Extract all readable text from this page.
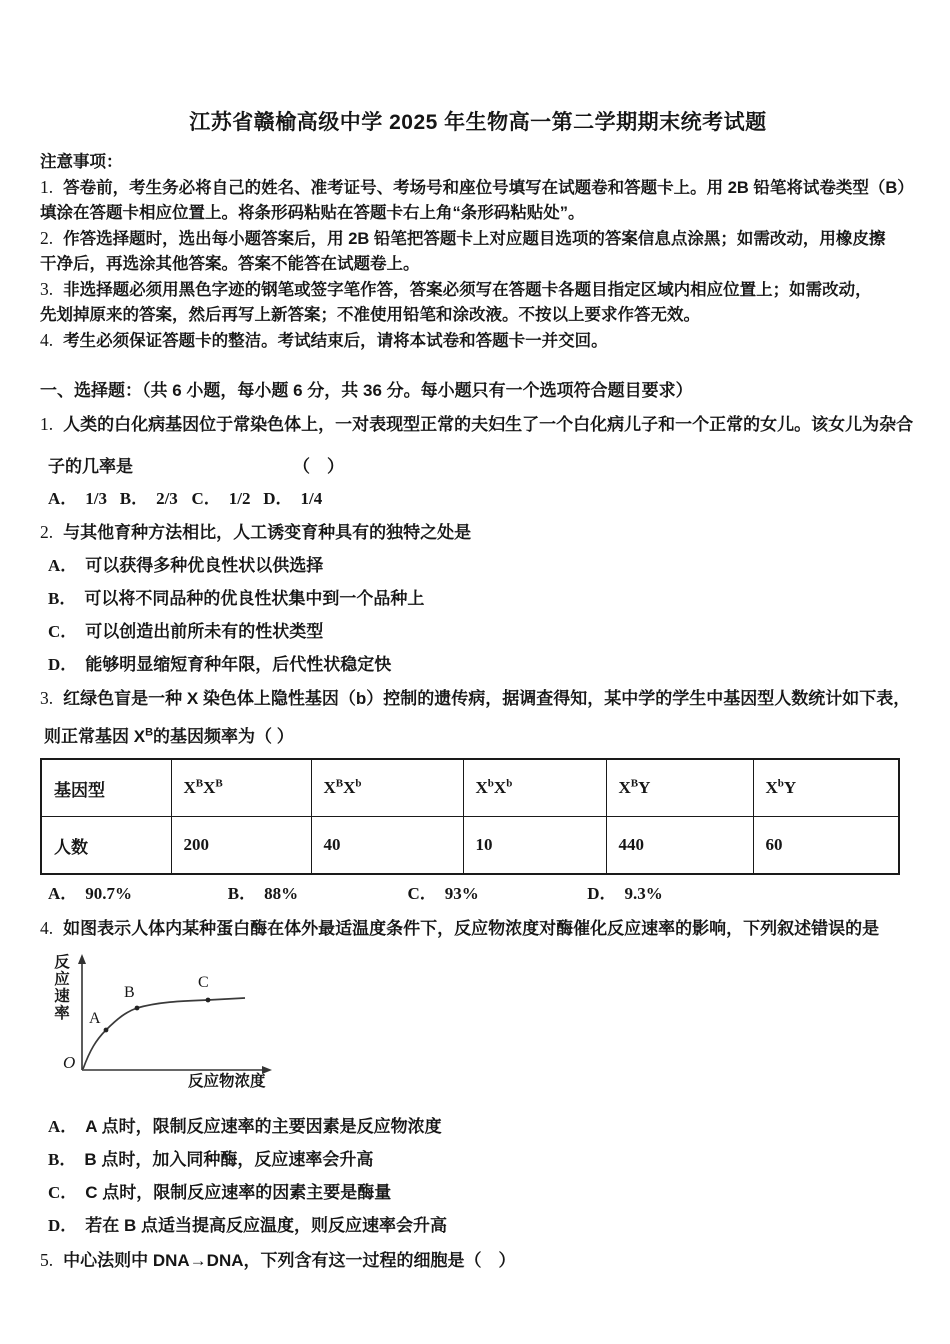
江苏省赣榆高级中学 2025 年生物高一第二学期期末统考试题
注意事项：
1. 答卷前，考生务必将自己的姓名、准考证号、考场号和座位号填写在试题卷和答题卡上。用 2B 铅笔将试卷类型（B）
填涂在答题卡相应位置上。将条形码粘贴在答题卡右上角“条形码粘贴处”。
2. 作答选择题时，选出每小题答案后，用 2B 铅笔把答题卡上对应题目选项的答案信息点涂黑；如需改动，用橡皮擦
干净后，再选涂其他答案。答案不能答在试题卷上。
3. 非选择题必须用黑色字迹的钢笔或签字笔作答，答案必须写在答题卡各题目指定区域内相应位置上；如需改动，
先划掉原来的答案，然后再写上新答案；不准使用铅笔和涂改液。不按以上要求作答无效。
4. 考生必须保证答题卡的整洁。考试结束后，请将本试卷和答题卡一并交回。
一、选择题：（共 6 小题，每小题 6 分，共 36 分。每小题只有一个选项符合题目要求）
1. 人类的白化病基因位于常染色体上，一对表现型正常的夫妇生了一个白化病儿子和一个正常的女儿。该女儿为杂合
子的几率是	（　）
A． 1/3 B． 2/3 C． 1/2 D． 1/4
2. 与其他育种方法相比，人工诱变育种具有的独特之处是
A． 可以获得多种优良性状以供选择
B． 可以将不同品种的优良性状集中到一个品种上
C． 可以创造出前所未有的性状类型
D． 能够明显缩短育种年限，后代性状稳定快
3. 红绿色盲是一种 X 染色体上隐性基因（b）控制的遗传病，据调查得知，某中学的学生中基因型人数统计如下表，
则正常基因 $X^B$的基因频率为（ ）
基因型	$X^BX^B$	$X^BX^b$	$X^bX^b$	$X^BY$	$X^bY$
人数	200	40	10	440	60
A． 90.7%	B． 88%	C． 93%	D． 9.3%
4. 如图表示人体内某种蛋白酶在体外最适温度条件下，反应物浓度对酶催化反应速率的影响，下列叙述错误的是
反应速率
O
反应物浓度
A
B
C
A． A 点时，限制反应速率的主要因素是反应物浓度
B． B 点时，加入同种酶，反应速率会升高
C． C 点时，限制反应速率的因素主要是酶量
D． 若在 B 点适当提高反应温度，则反应速率会升高
5. 中心法则中 DNA→DNA，下列含有这一过程的细胞是（　）
